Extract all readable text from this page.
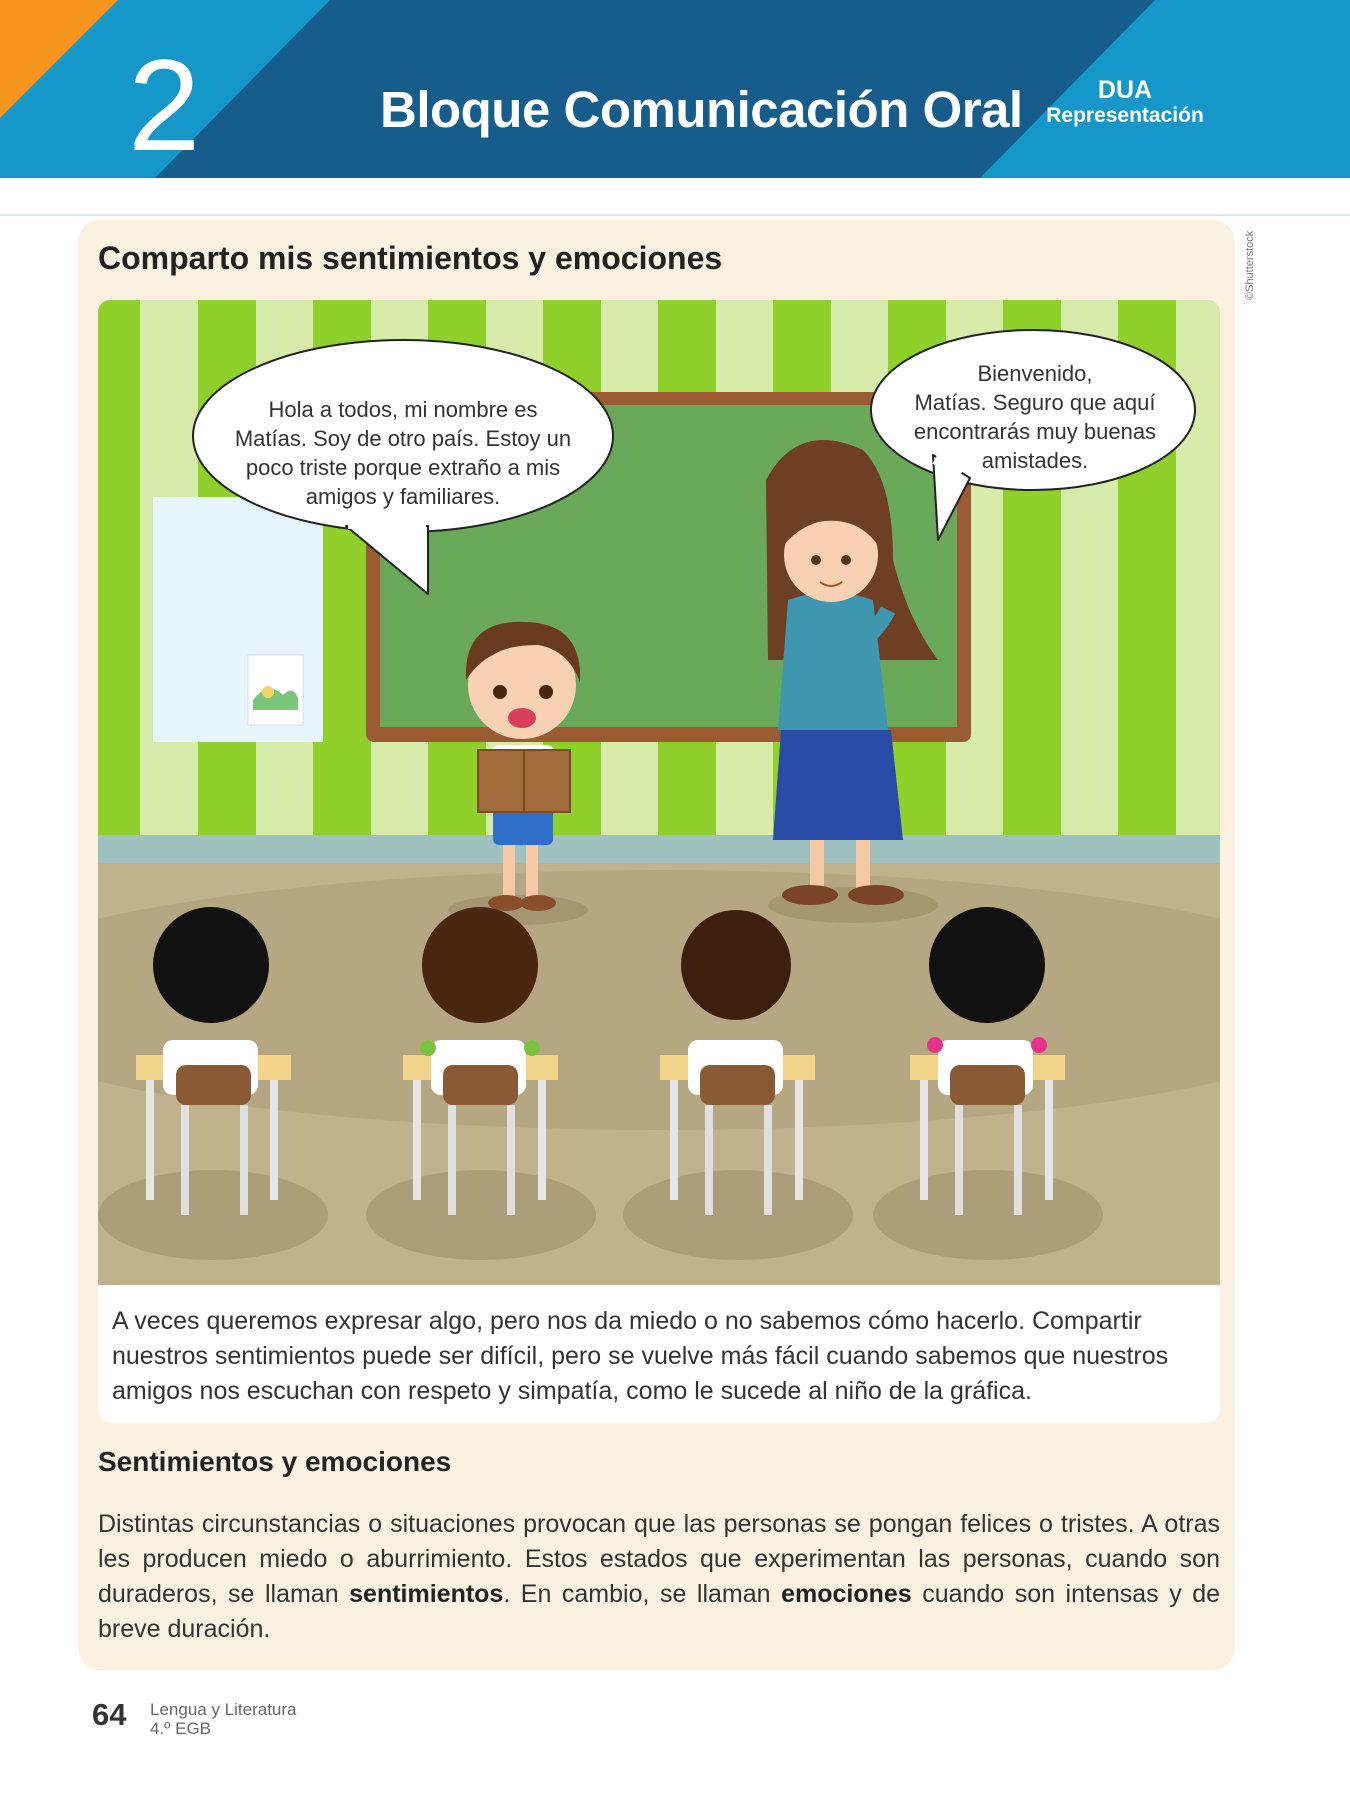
2	Bloque Comunicación Oral	DUA
Representación
Comparto mis sentimientos y emociones	©Shutterstock
Hola a todos, mi nombre es
Matías. Soy de otro país. Estoy un
poco triste porque extraño a mis
amigos y familiares.
Bienvenido,
Matías. Seguro que aquí
encontrarás muy buenas
amistades.
A veces queremos expresar algo, pero nos da miedo o no sabemos cómo hacerlo. Compartir nuestros sentimientos puede ser difícil, pero se vuelve más fácil cuando sabemos que nuestros amigos nos escuchan con respeto y simpatía, como le sucede al niño de la gráfica.
Sentimientos y emociones
Distintas circunstancias o situaciones provocan que las personas se pongan felices o tristes. A otras les producen miedo o aburrimiento. Estos estados que experimentan las personas, cuando son duraderos, se llaman sentimientos. En cambio, se llaman emociones cuando son intensas y de breve duración.
64 Lengua y Literatura
4.º EGB
